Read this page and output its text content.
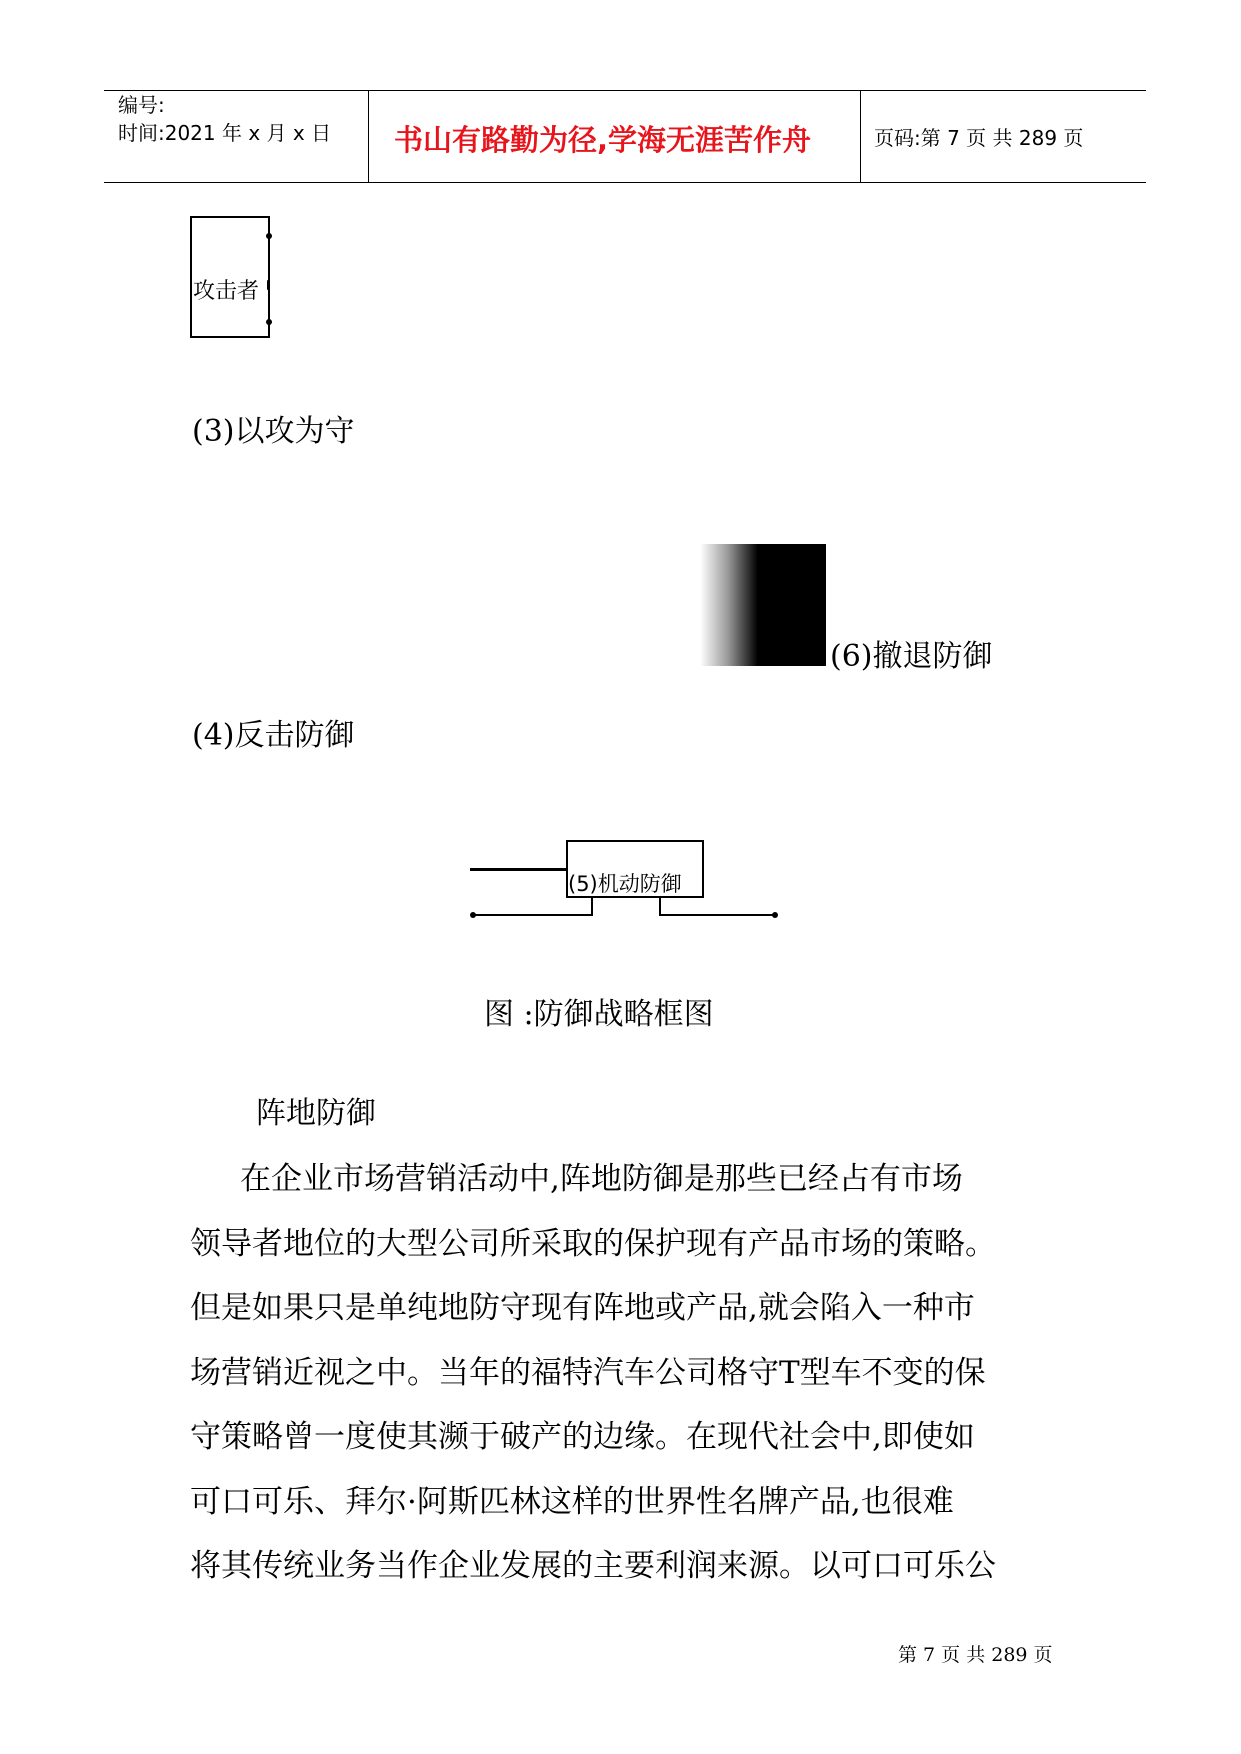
编号:
时间:2021 年 x 月 x 日 书山有路勤为径,学海无涯苦作舟	页码:第 7 页 共 289 页
攻击者
(3)以攻为守
(6)撤退防御
(4)反击防御
(5)机动防御
图 :防御战略框图
阵地防御
在企业市场营销活动中,阵地防御是那些已经占有市场
领导者地位的大型公司所采取的保护现有产品市场的策略。
但是如果只是单纯地防守现有阵地或产品,就会陷入一种市
场营销近视之中。当年的福特汽车公司格守T型车不变的保
守策略曾一度使其濒于破产的边缘。在现代社会中,即使如
可口可乐、拜尔·阿斯匹林这样的世界性名牌产品,也很难
将其传统业务当作企业发展的主要利润来源。以可口可乐公
第 7 页 共 289 页
